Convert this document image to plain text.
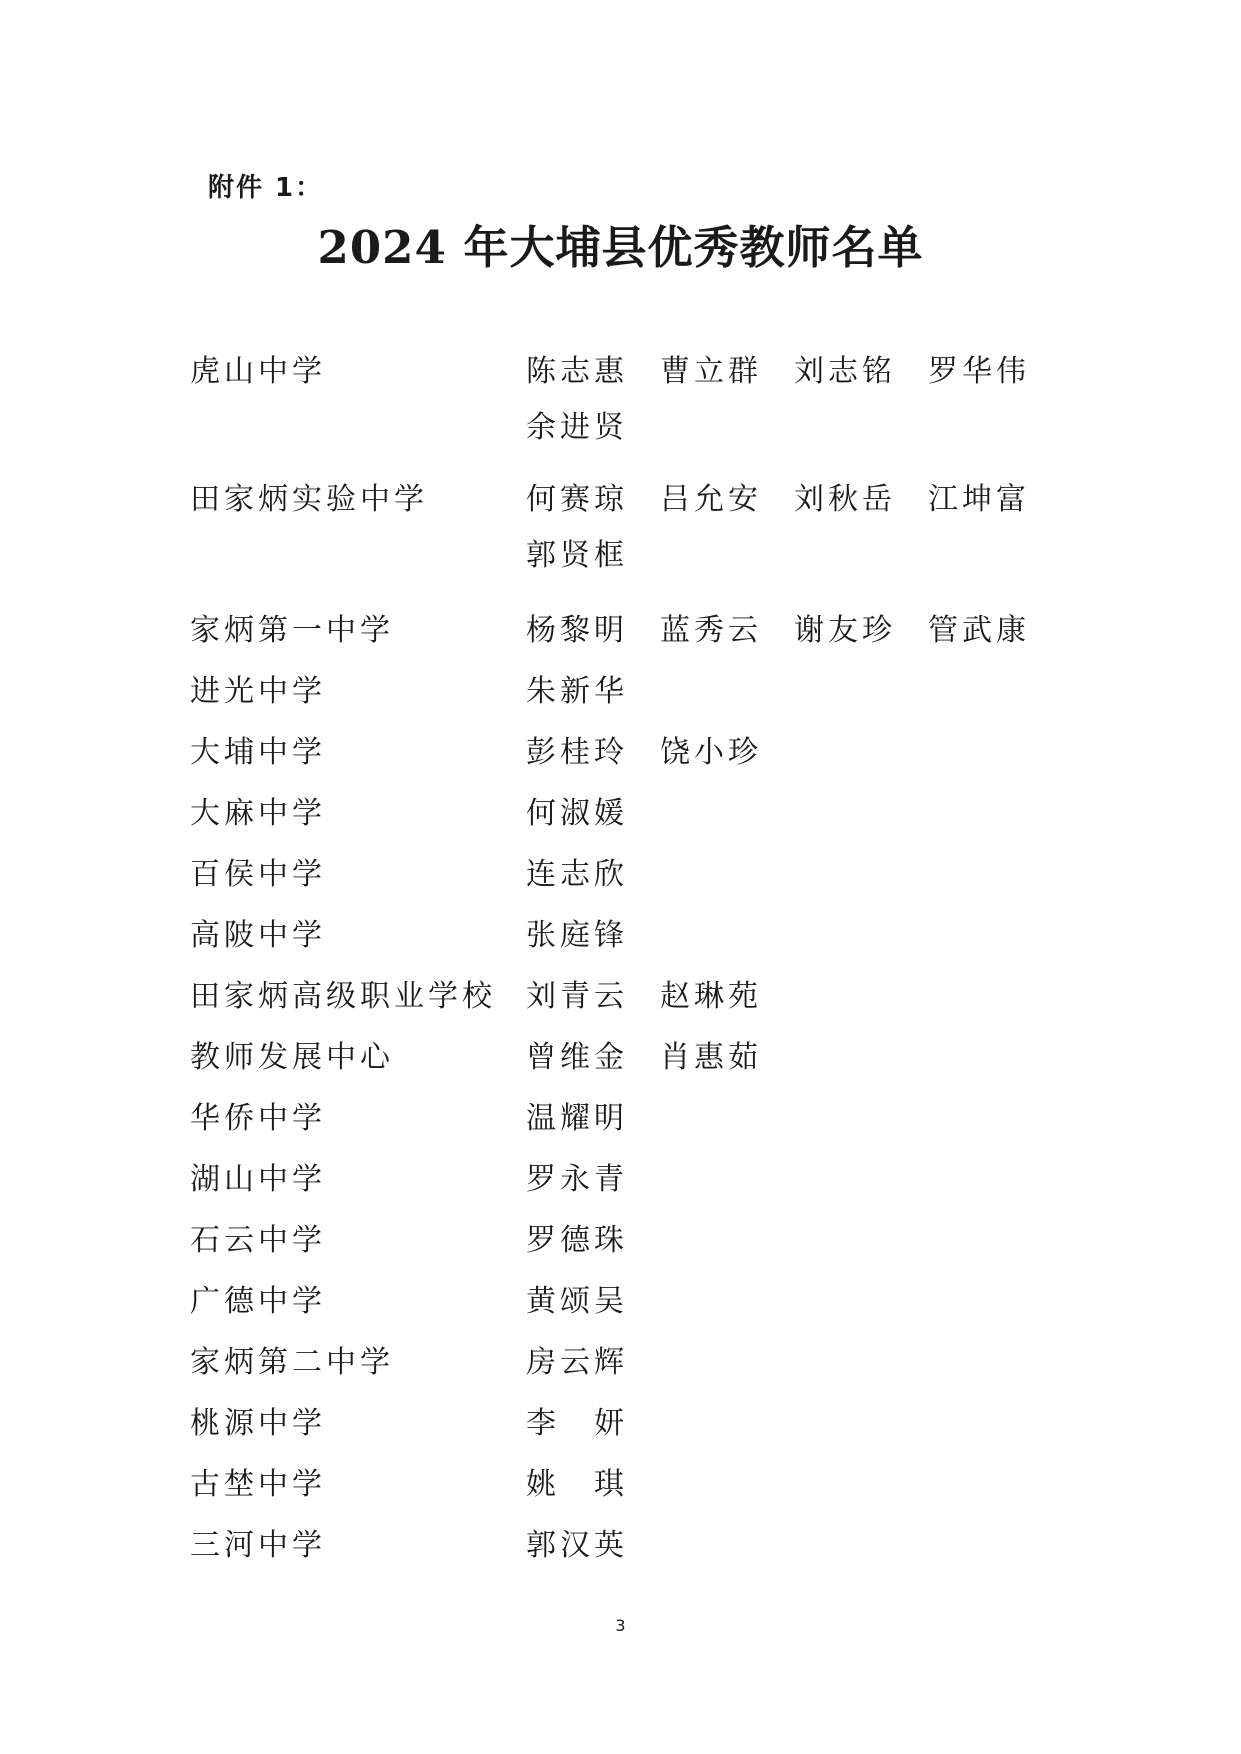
附件 1：

2024 年大埔县优秀教师名单
虎山中学	陈志惠	曹立群	刘志铭	罗华伟
余进贤
田家炳实验中学	何赛琼	吕允安	刘秋岳	江坤富
郭贤框
家炳第一中学	杨黎明	蓝秀云	谢友珍	管武康
进光中学	朱新华
大埔中学	彭桂玲	饶小珍
大麻中学	何淑媛
百侯中学	连志欣
高陂中学	张庭锋
田家炳高级职业学校	刘青云	赵琳苑
教师发展中心	曾维金	肖惠茹
华侨中学	温耀明
湖山中学	罗永青
石云中学	罗德珠
广德中学	黄颂吴
家炳第二中学	房云辉
桃源中学	李　妍
古埜中学	姚　琪
三河中学	郭汉英
3
